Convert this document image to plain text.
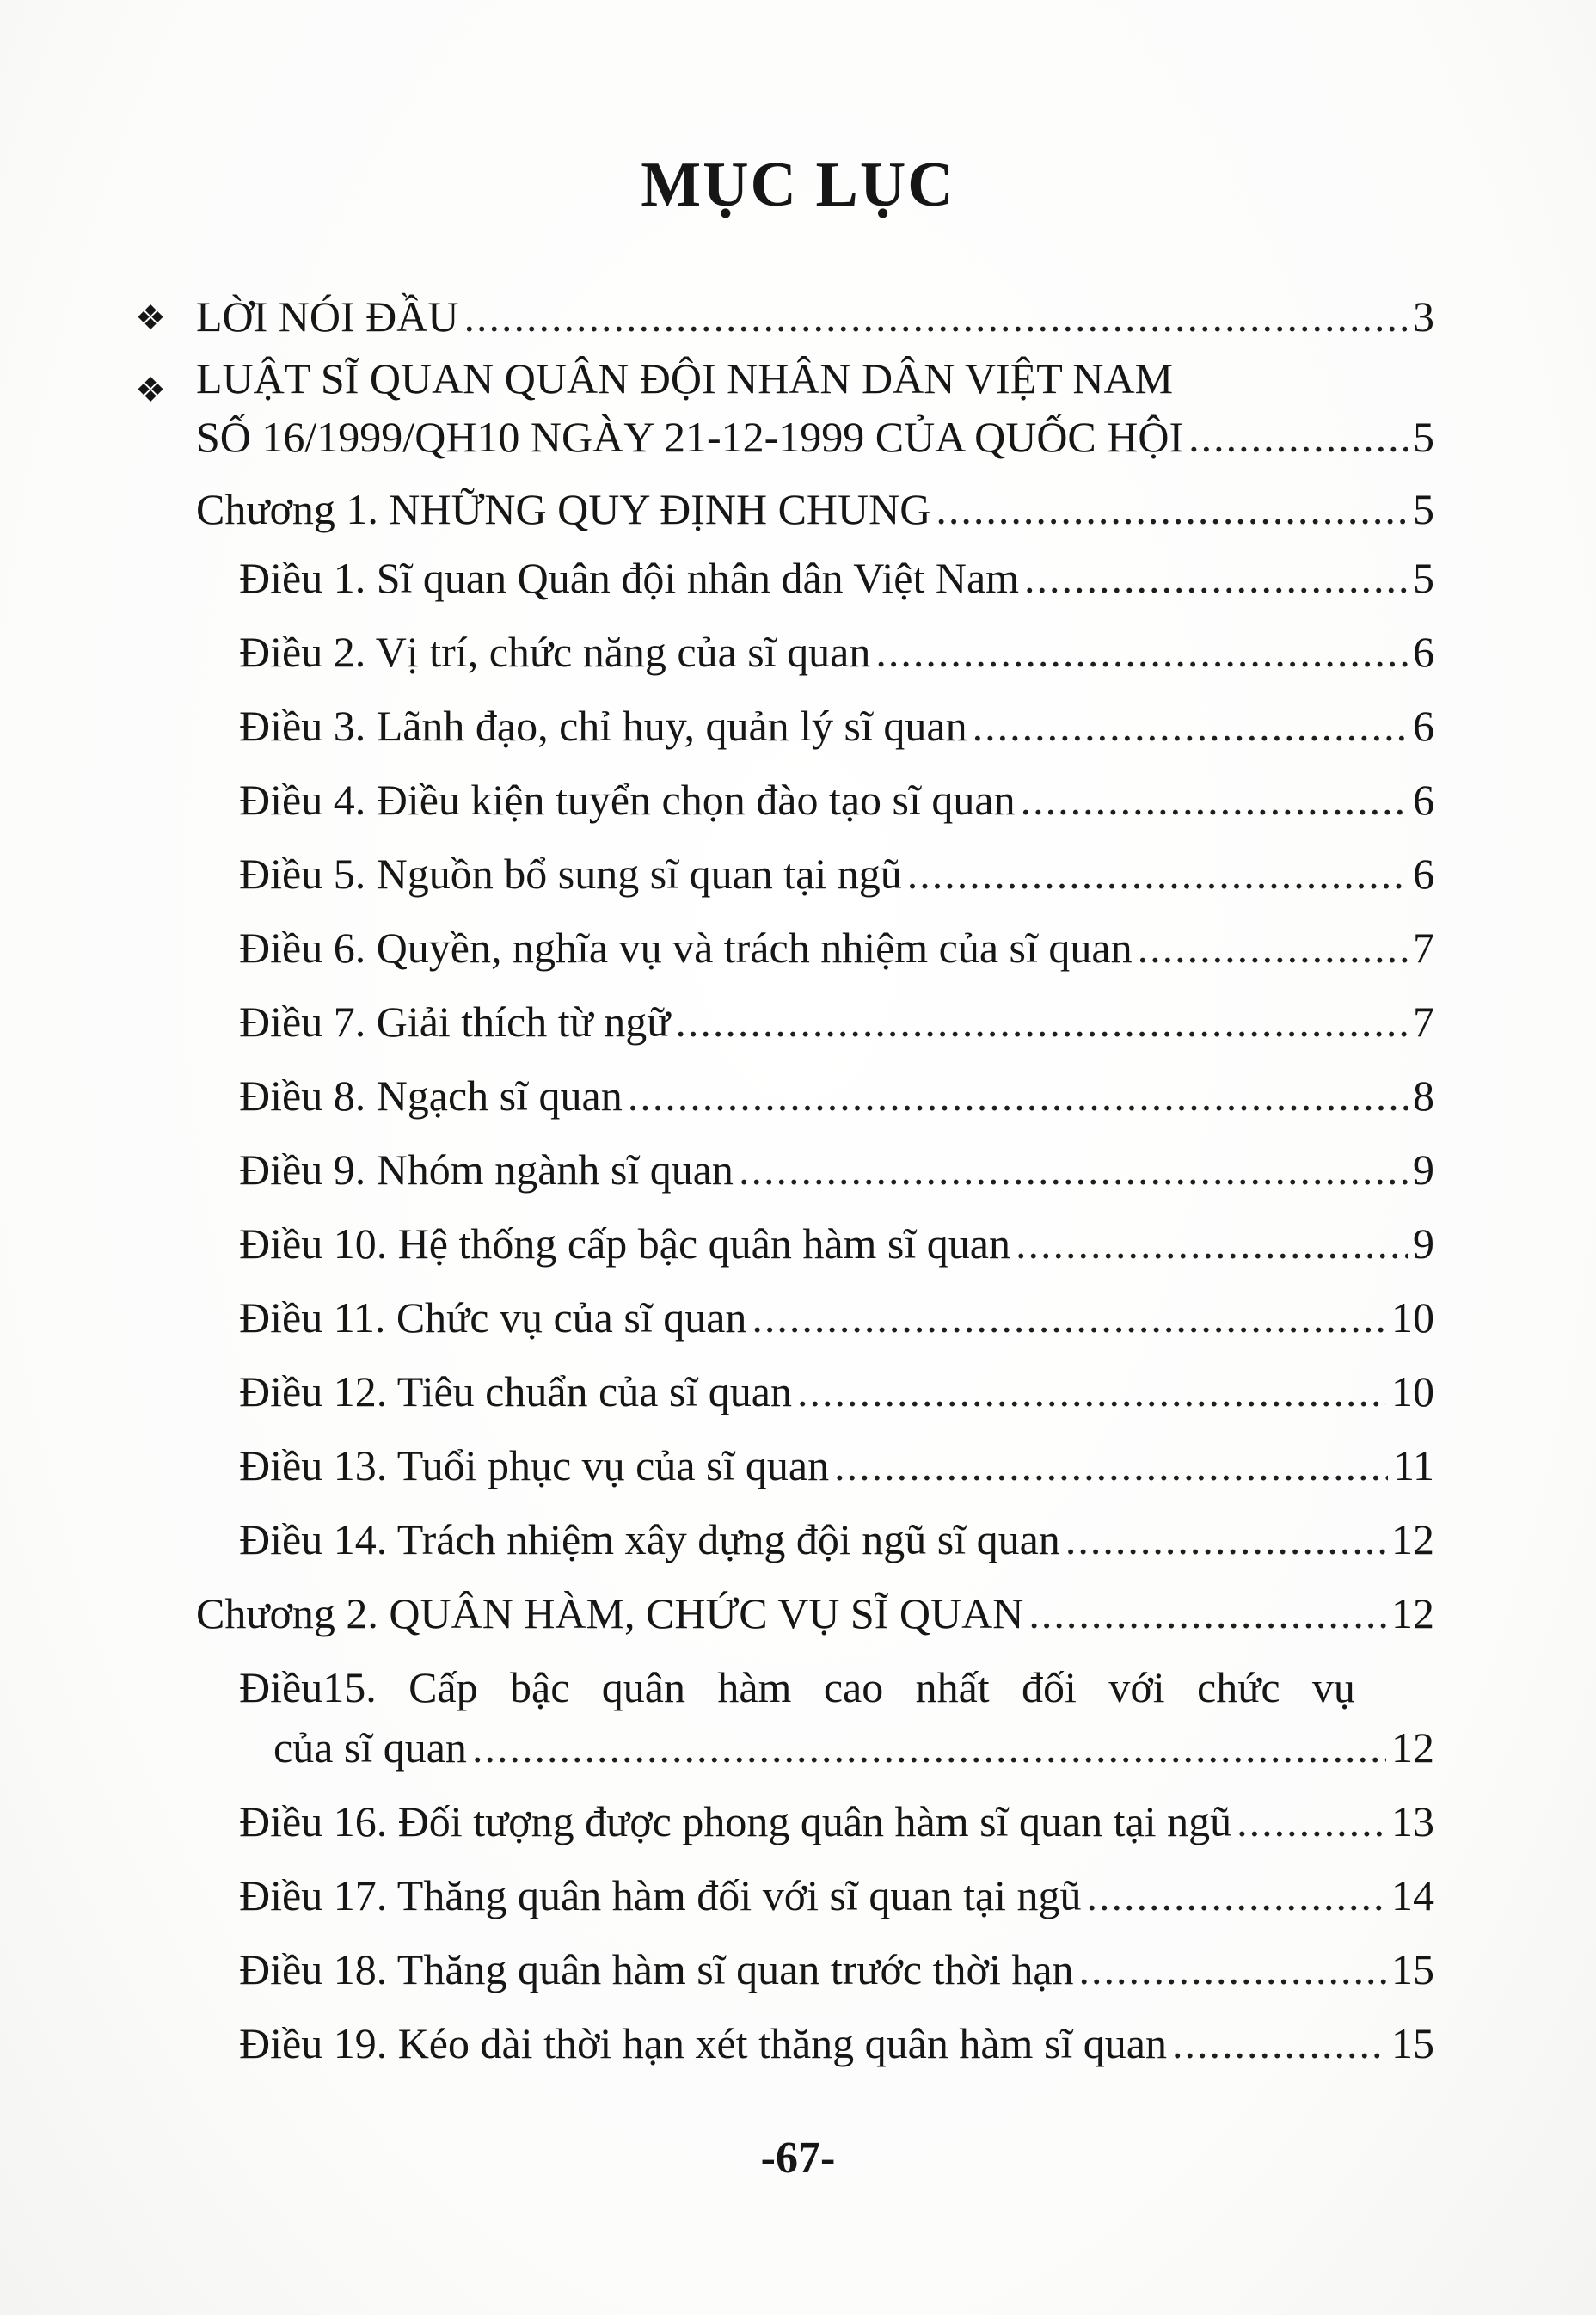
MỤC LỤC
❖ LỜI NÓI ĐẦU .....	3
❖ LUẬT SĨ QUAN QUÂN ĐỘI NHÂN DÂN VIỆT NAM
SỐ 16/1999/QH10 NGÀY 21-12-1999 CỦA QUỐC HỘI .....	5
Chương 1. NHỮNG QUY ĐỊNH CHUNG .....	5
Điều 1. Sĩ quan Quân đội nhân dân Việt Nam .....	5
Điều 2. Vị trí, chức năng của sĩ quan .....	6
Điều 3. Lãnh đạo, chỉ huy, quản lý sĩ quan .....	6
Điều 4. Điều kiện tuyển chọn đào tạo sĩ quan .....	6
Điều 5. Nguồn bổ sung sĩ quan tại ngũ .....	6
Điều 6. Quyền, nghĩa vụ và trách nhiệm của sĩ quan .....	7
Điều 7. Giải thích từ ngữ .....	7
Điều 8. Ngạch sĩ quan .....	8
Điều 9. Nhóm ngành sĩ quan .....	9
Điều 10. Hệ thống cấp bậc quân hàm sĩ quan .....	9
Điều 11. Chức vụ của sĩ quan .....	10
Điều 12. Tiêu chuẩn của sĩ quan .....	10
Điều 13. Tuổi phục vụ của sĩ quan .....	11
Điều 14. Trách nhiệm xây dựng đội ngũ sĩ quan .....	12
Chương 2. QUÂN HÀM, CHỨC VỤ SĨ QUAN .....	12
Điều15. Cấp bậc quân hàm cao nhất đối với chức vụ
của sĩ quan .....	12
Điều 16. Đối tượng được phong quân hàm sĩ quan tại ngũ .....	13
Điều 17. Thăng quân hàm đối với sĩ quan tại ngũ .....	14
Điều 18. Thăng quân hàm sĩ quan trước thời hạn .....	15
Điều 19. Kéo dài thời hạn xét thăng quân hàm sĩ quan .....	15
-67-
